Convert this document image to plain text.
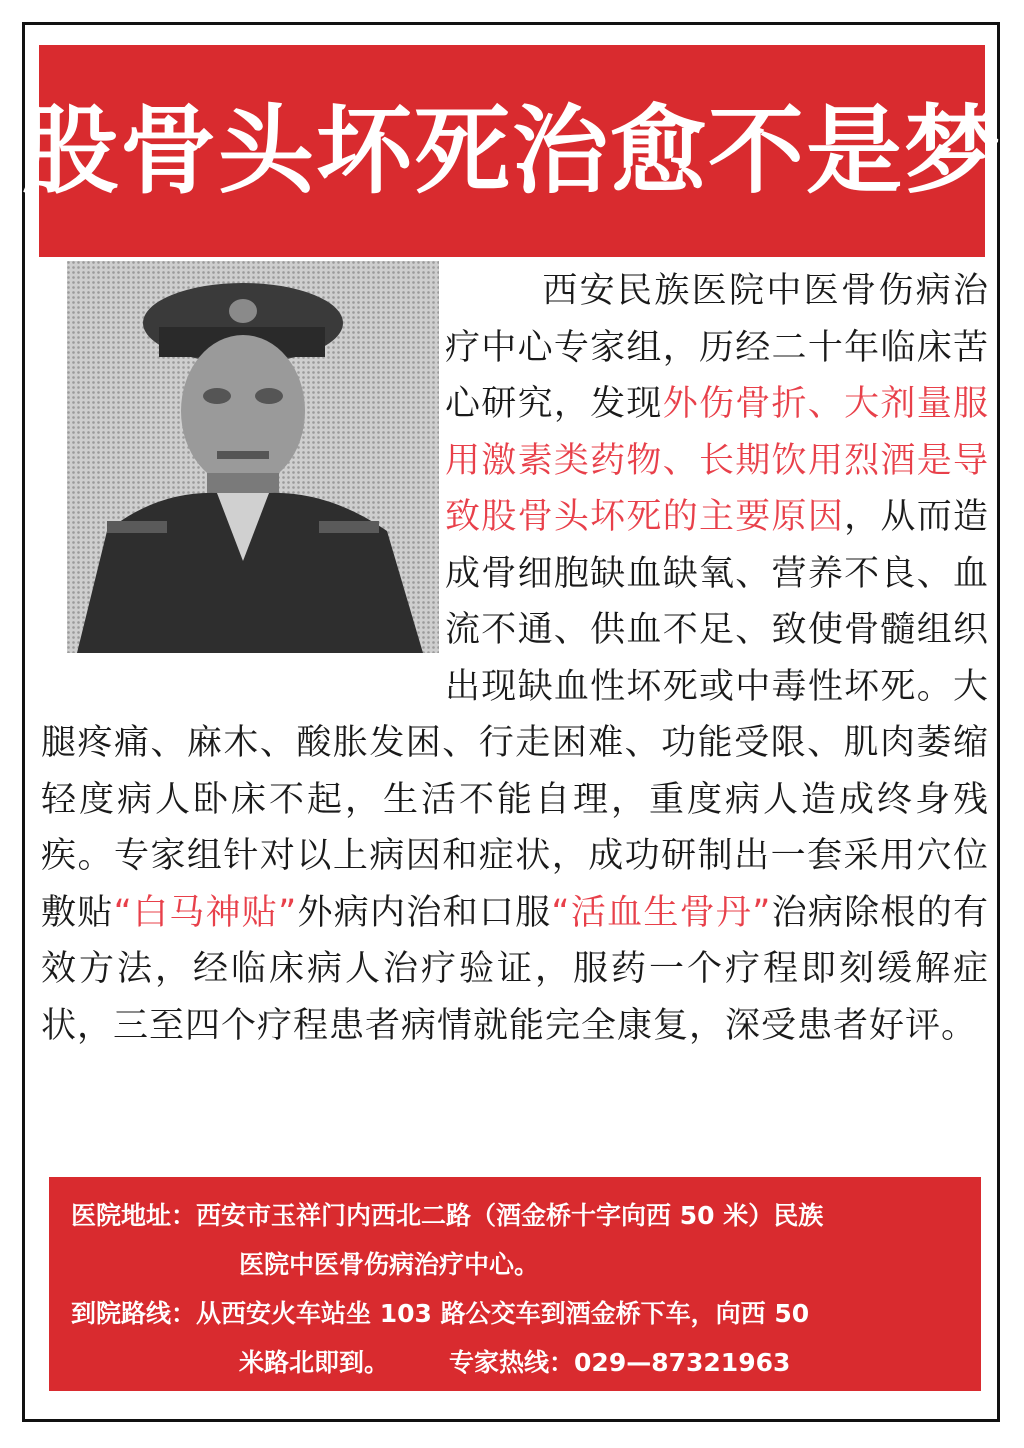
股骨头坏死治愈不是梦
西安民族医院中医骨伤病治疗中心专家组，历经二十年临床苦心研究，发现外伤骨折、大剂量服用激素类药物、长期饮用烈酒是导致股骨头坏死的主要原因，从而造成骨细胞缺血缺氧、营养不良、血流不通、供血不足、致使骨髓组织出现缺血性坏死或中毒性坏死。大腿疼痛、麻木、酸胀发困、行走困难、功能受限、肌肉萎缩轻度病人卧床不起，生活不能自理，重度病人造成终身残疾。专家组针对以上病因和症状，成功研制出一套采用穴位敷贴“白马神贴”外病内治和口服“活血生骨丹”治病除根的有效方法，经临床病人治疗验证，服药一个疗程即刻缓解症状，三至四个疗程患者病情就能完全康复，深受患者好评。
医院地址：西安市玉祥门内西北二路（酒金桥十字向西 50 米）民族
医院中医骨伤病治疗中心。
到院路线：从西安火车站坐 103 路公交车到酒金桥下车，向西 50
米路北即到。 专家热线：029—87321963
